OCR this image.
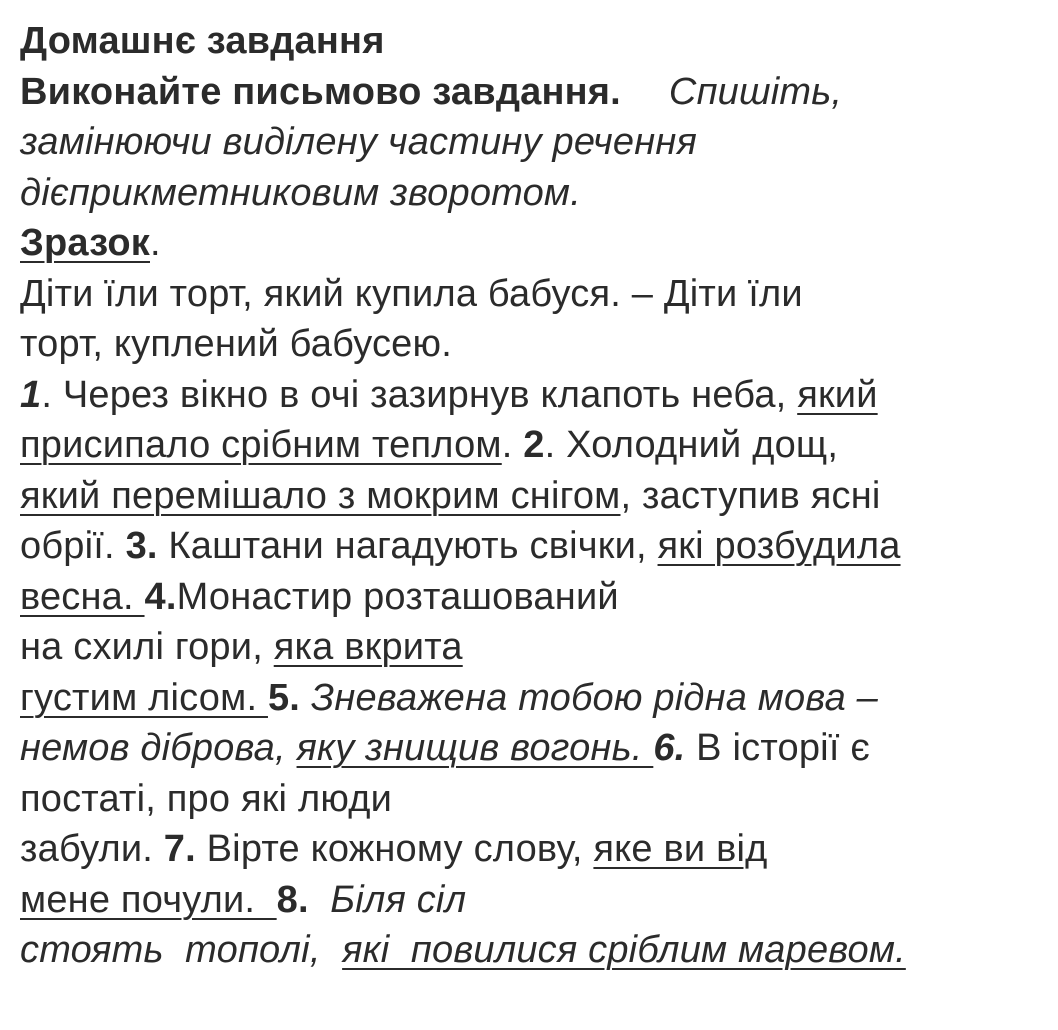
Домашнє завдання
Виконайте письмово завдання. Спишіть,
замінюючи виділену частину речення
дієприкметниковим зворотом.
Зразок.
Діти їли торт, який купила бабуся. – Діти їли
торт, куплений бабусею.
1. Через вікно в очі зазирнув клапоть неба, який
присипало срібним теплом. 2. Холодний дощ,
який перемішало з мокрим снігом, заступив ясні
обрії. 3. Каштани нагадують свічки, які розбудила
весна. 4.Монастир розташований
на схилі гори, яка вкрита
густим лісом. 5. Зневажена тобою рідна мова –
немов діброва, яку знищив вогонь. 6. В історії є
постаті, про які люди
забули. 7. Вірте кожному слову, яке ви від
мене почули.  8.  Біля сіл
стоять  тополі,  які  повилися сріблим маревом.
